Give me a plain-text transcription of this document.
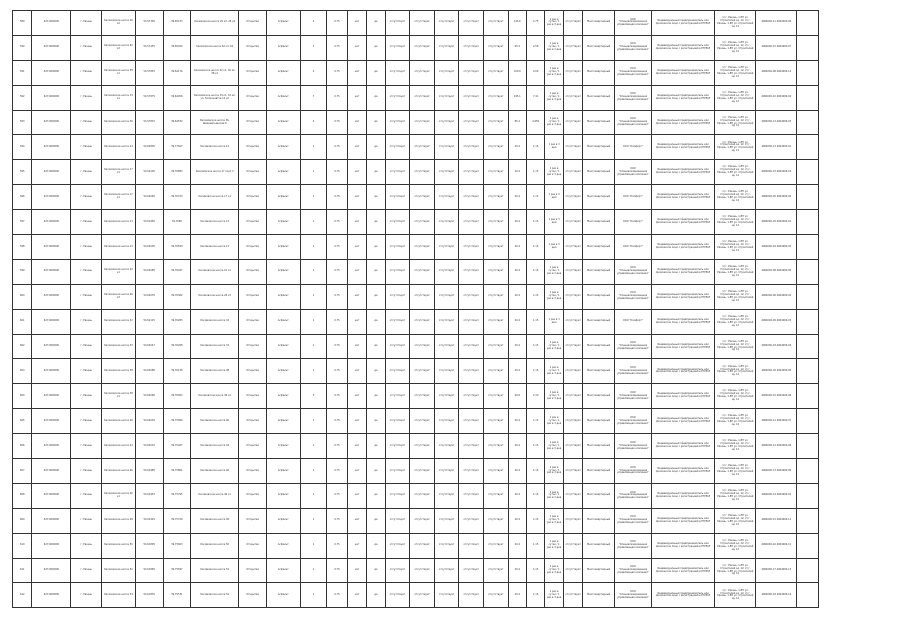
589	6271000000	г. Рязань	Касимовское шоссе 26 к2	54.57395	39.65133	Касимовское шоссе 26 к2, 26 к4	Открытая	Асфальт	4	0.75	нет	да	отсутствует	отсутствует	отсутствует	отсутствует	отсутствует	145.6	4.75	1 раз в сутки / 1 раз в 3 дня	отсутствует	Многоквартирный	ООО "Специализированная управляющая компания"	Индивидуальный предприниматель или физическое лицо с регистрацией в ЕГРЮЛ	1) г. Рязань, 1-ЕН ул. Строителей зд. 12; 2) г. Рязань, 1-ЕН ул. Строителей зд. 12	4064000-11 4064000-06	
590	6271000000	г. Рязань	Касимовское шоссе 62 к2	54.57455	39.65044	Касимовское шоссе 62 к3, 62	Открытая	Асфальт	3	0.75	нет	да	отсутствует	отсутствует	отсутствует	отсутствует	отсутствует	65.4	2.58	1 раз в сутки / 1 раз в 3 дня	отсутствует	Многоквартирный	ООО "Специализированная управляющая компания"	Индивидуальный предприниматель или физическое лицо с регистрацией в ЕГРЮЛ	1) г. Рязань, 1-ЕН ул. Строителей зд. 12; 2) г. Рязань, 1-ЕН ул. Строителей зд. 12	4064000-15 4064000-07	
591	6271000000	г. Рязань	Касимовское шоссе 38 к1	54.57853	39.64176	Касимовское шоссе 32 к1, 36 к1, 38 к1	Открытая	Асфальт	4	0.75	нет	да	отсутствует	отсутствует	отсутствует	отсутствует	отсутствует	100.8	4.09	1 раз в сутки / 1 раз в 3 дня	отсутствует	Многоквартирный	ООО "Специализированная управляющая компания"	Индивидуальный предприниматель или физическое лицо с регистрацией в ЕГРЮЛ	1) г. Рязань, 1-ЕН ул. Строителей зд. 12; 2) г. Рязань, 1-ЕН ул. Строителей зд. 12	4064000-08 4064000-12	
592	6271000000	г. Рязань	Касимовское шоссе 34 к1	54.57875	39.64456	Касимовское шоссе 34 к1, 34 к2, ул. Космонавтов 14 к2	Открытая	Асфальт	7	0.75	нет	да	отсутствует	отсутствует	отсутствует	отсутствует	отсутствует	245.1	7.41	1 раз в сутки / 1 раз в 3 дня	отсутствует	Многоквартирный	ООО "Специализированная управляющая компания"	Индивидуальный предприниматель или физическое лицо с регистрацией в ЕГРЮЛ	1) г. Рязань, 1-ЕН ул. Строителей зд. 12; 2) г. Рязань, 1-ЕН ул. Строителей зд. 12	4064000-10 4064000-04	
593	6271000000	г. Рязань	Касимовское шоссе 36	54.57815	39.64534	Касимовское шоссе 36, Шереметьевская 8	Открытая	Асфальт	4	0.75	нет	да	отсутствует	отсутствует	отсутствует	отсутствует	отсутствует	85.4	4.950	1 раз в сутки / 1 раз в 3 дня	отсутствует	Многоквартирный	ООО "Специализированная управляющая компания"	Индивидуальный предприниматель или физическое лицо с регистрацией в ЕГРЮЛ	1) г. Рязань, 1-ЕН ул. Строителей зд. 12; 2) г. Рязань, 1-ЕН ул. Строителей зд. 12	4064000-13 4064000-03	
594	6271000000	г. Рязань	Касимовское шоссе 14	54.62805	39.77817	Касимовское шоссе 14	Открытая	Асфальт	1	0.75	нет	да	отсутствует	отсутствует	отсутствует	отсутствует	отсутствует	20.4	1.15	1 раз в 3 дня	отсутствует	Многоквартирный	ООО "Комфорт"	Индивидуальный предприниматель или физическое лицо с регистрацией в ЕГРЮЛ	1) г. Рязань, 1-ЕН ул. Строителей зд. 12; 2) г. Рязань, 1-ЕН ул. Строителей зд. 12	4064000-13 4064000-01	
595	6271000000	г. Рязань	Касимовское шоссе 17 к1	54.62205	39.76683	Касимовское шоссе 17 корп 3	Открытая	Асфальт	1	0.75	нет	да	отсутствует	отсутствует	отсутствует	отсутствует	отсутствует	20.4	1.15	1 раз в сутки / 1 раз в 3 дня	отсутствует	Многоквартирный	ООО "Специализированная управляющая компания"	Индивидуальный предприниматель или физическое лицо с регистрацией в ЕГРЮЛ	1) г. Рязань, 1-ЕН ул. Строителей зд. 12; 2) г. Рязань, 1-ЕН ул. Строителей зд. 12	4064000-07 4064000-03	
596	6271000000	г. Рязань	Касимовское шоссе 17 к1	54.62065	39.76723	Касимовское шоссе 17 к1	Открытая	Асфальт	1	0.75	нет	да	отсутствует	отсутствует	отсутствует	отсутствует	отсутствует	20.4	1.15	1 раз в 3 дня	отсутствует	Многоквартирный	ООО "Комфорт"	Индивидуальный предприниматель или физическое лицо с регистрацией в ЕГРЮЛ	1) г. Рязань, 1-ЕН ул. Строителей зд. 12; 2) г. Рязань, 1-ЕН ул. Строителей зд. 12	4064000-05 4064000-04	
597	6271000000	г. Рязань	Касимовское шоссе 13	54.61965	39.7658	Касимовское шоссе 13	Открытая	Асфальт	1	0.75	нет	да	отсутствует	отсутствует	отсутствует	отсутствует	отсутствует	20.4	1.15	1 раз в 3 дня	отсутствует	Многоквартирный	ООО "Комфорт"	Индивидуальный предприниматель или физическое лицо с регистрацией в ЕГРЮЛ	1) г. Рязань, 1-ЕН ул. Строителей зд. 12; 2) г. Рязань, 1-ЕН ул. Строителей зд. 12	4064000-05 4064000-01	
598	6271000000	г. Рязань	Касимовское шоссе 13	54.62005	39.76593	Касимовское шоссе 13	Открытая	Асфальт	1	0.75	нет	да	отсутствует	отсутствует	отсутствует	отсутствует	отсутствует	20.4	1.15	1 раз в 3 дня	отсутствует	Многоквартирный	ООО "Комфорт"	Индивидуальный предприниматель или физическое лицо с регистрацией в ЕГРЮЛ	1) г. Рязань, 1-ЕН ул. Строителей зд. 12; 2) г. Рязань, 1-ЕН ул. Строителей зд. 12	4064000-04 4064000-03	
599	6271000000	г. Рязань	Касимовское шоссе 10 к1	54.62085	39.76447	Касимовское шоссе 10 к1	Открытая	Асфальт	1	0.75	нет	да	отсутствует	отсутствует	отсутствует	отсутствует	отсутствует	20.4	1.15	1 раз в сутки / 1 раз в 3 дня	отсутствует	Многоквартирный	ООО "Специализированная управляющая компания"	Индивидуальный предприниматель или физическое лицо с регистрацией в ЕГРЮЛ	1) г. Рязань, 1-ЕН ул. Строителей зд. 12; 2) г. Рязань, 1-ЕН ул. Строителей зд. 12	4064000-08 4064000-05	
600	6271000000	г. Рязань	Касимовское шоссе 26 к3	54.62035	39.76362	Касимовское шоссе 26 к3	Открытая	Асфальт	1	0.75	нет	да	отсутствует	отсутствует	отсутствует	отсутствует	отсутствует	20.4	1.15	1 раз в сутки / 1 раз в 3 дня	отсутствует	Многоквартирный	ООО "Специализированная управляющая компания"	Индивидуальный предприниматель или физическое лицо с регистрацией в ЕГРЮЛ	1) г. Рязань, 1-ЕН ул. Строителей зд. 12; 2) г. Рязань, 1-ЕН ул. Строителей зд. 12	4064000-06 4064000-02	
601	6271000000	г. Рязань	Касимовское шоссе 32	54.62115	39.76283	Касимовское шоссе 32	Открытая	Асфальт	1	0.75	нет	да	отсутствует	отсутствует	отсутствует	отсутствует	отсутствует	20.4	1.15	1 раз в 3 дня	отсутствует	Многоквартирный	ООО "Комфорт"	Индивидуальный предприниматель или физическое лицо с регистрацией в ЕГРЮЛ	1) г. Рязань, 1-ЕН ул. Строителей зд. 12; 2) г. Рязань, 1-ЕН ул. Строителей зд. 12	4064000-09 4064000-03	
602	6271000000	г. Рязань	Касимовское шоссе 33	54.62047	39.76208	Касимовское шоссе 33	Открытая	Асфальт	1	0.75	нет	да	отсутствует	отсутствует	отсутствует	отсутствует	отсутствует	20.4	1.15	1 раз в сутки / 1 раз в 3 дня	отсутствует	Многоквартирный	ООО "Специализированная управляющая компания"	Индивидуальный предприниматель или физическое лицо с регистрацией в ЕГРЮЛ	1) г. Рязань, 1-ЕН ул. Строителей зд. 12; 2) г. Рязань, 1-ЕН ул. Строителей зд. 12	4064000-03 4064000-04	
603	6271000000	г. Рязань	Касимовское шоссе 38	54.62086	39.76136	Касимовское шоссе 38	Открытая	Асфальт	1	0.75	нет	да	отсутствует	отсутствует	отсутствует	отсутствует	отсутствует	20.4	1.15	1 раз в сутки / 1 раз в 3 дня	отсутствует	Многоквартирный	ООО "Специализированная управляющая компания"	Индивидуальный предприниматель или физическое лицо с регистрацией в ЕГРЮЛ	1) г. Рязань, 1-ЕН ул. Строителей зд. 12; 2) г. Рязань, 1-ЕН ул. Строителей зд. 12	4064000-02 4064000-05	
604	6271000000	г. Рязань	Касимовское шоссе 38 к1	54.62066	39.76063	Касимовское шоссе 38 к1	Открытая	Асфальт	3	0.75	нет	да	отсутствует	отсутствует	отсутствует	отсутствует	отсутствует	40.8	2.30	1 раз в сутки / 1 раз в 3 дня	отсутствует	Многоквартирный	ООО "Специализированная управляющая компания"	Индивидуальный предприниматель или физическое лицо с регистрацией в ЕГРЮЛ	1) г. Рязань, 1-ЕН ул. Строителей зд. 12; 2) г. Рязань, 1-ЕН ул. Строителей зд. 12	4064000-10 4064000-06	
605	6271000000	г. Рязань	Касимовское шоссе 40	54.62039	39.75994	Касимовское шоссе 40	Открытая	Асфальт	1	0.75	нет	да	отсутствует	отсутствует	отсутствует	отсутствует	отсутствует	20.4	1.15	1 раз в сутки / 1 раз в 3 дня	отсутствует	Многоквартирный	ООО "Специализированная управляющая компания"	Индивидуальный предприниматель или физическое лицо с регистрацией в ЕГРЮЛ	1) г. Рязань, 1-ЕН ул. Строителей зд. 12; 2) г. Рязань, 1-ЕН ул. Строителей зд. 12	4064000-11 4064000-07	
606	6271000000	г. Рязань	Касимовское шоссе 44	54.62010	39.75927	Касимовское шоссе 44	Открытая	Асфальт	1	0.75	нет	да	отсутствует	отсутствует	отсутствует	отсутствует	отсутствует	20.4	1.15	1 раз в сутки / 1 раз в 3 дня	отсутствует	Многоквартирный	ООО "Специализированная управляющая компания"	Индивидуальный предприниматель или физическое лицо с регистрацией в ЕГРЮЛ	1) г. Рязань, 1-ЕН ул. Строителей зд. 12; 2) г. Рязань, 1-ЕН ул. Строителей зд. 12	4064000-12 4064000-08	
607	6271000000	г. Рязань	Касимовское шоссе 46	54.61985	39.75861	Касимовское шоссе 46	Открытая	Асфальт	1	0.75	нет	да	отсутствует	отсутствует	отсутствует	отсутствует	отсутствует	20.4	1.15	1 раз в сутки / 1 раз в 3 дня	отсутствует	Многоквартирный	ООО "Специализированная управляющая компания"	Индивидуальный предприниматель или физическое лицо с регистрацией в ЕГРЮЛ	1) г. Рязань, 1-ЕН ул. Строителей зд. 12; 2) г. Рязань, 1-ЕН ул. Строителей зд. 12	4064000-13 4064000-09	
608	6271000000	г. Рязань	Касимовское шоссе 46 к1	54.61953	39.75795	Касимовское шоссе 46 к1	Открытая	Асфальт	1	0.75	нет	да	отсутствует	отсутствует	отсутствует	отсутствует	отсутствует	20.4	1.15	1 раз в сутки / 1 раз в 3 дня	отсутствует	Многоквартирный	ООО "Специализированная управляющая компания"	Индивидуальный предприниматель или физическое лицо с регистрацией в ЕГРЮЛ	1) г. Рязань, 1-ЕН ул. Строителей зд. 12; 2) г. Рязань, 1-ЕН ул. Строителей зд. 12	4064000-14 4064000-10	
609	6271000000	г. Рязань	Касимовское шоссе 48	54.61925	39.75729	Касимовское шоссе 48	Открытая	Асфальт	1	0.75	нет	да	отсутствует	отсутствует	отсутствует	отсутствует	отсутствует	20.4	1.15	1 раз в сутки / 1 раз в 3 дня	отсутствует	Многоквартирный	ООО "Специализированная управляющая компания"	Индивидуальный предприниматель или физическое лицо с регистрацией в ЕГРЮЛ	1) г. Рязань, 1-ЕН ул. Строителей зд. 12; 2) г. Рязань, 1-ЕН ул. Строителей зд. 12	4064000-15 4064000-11	
610	6271000000	г. Рязань	Касимовское шоссе 50	54.61895	39.75663	Касимовское шоссе 50	Открытая	Асфальт	1	0.75	нет	да	отсутствует	отсутствует	отсутствует	отсутствует	отсутствует	20.4	1.15	1 раз в сутки / 1 раз в 3 дня	отсутствует	Многоквартирный	ООО "Специализированная управляющая компания"	Индивидуальный предприниматель или физическое лицо с регистрацией в ЕГРЮЛ	1) г. Рязань, 1-ЕН ул. Строителей зд. 12; 2) г. Рязань, 1-ЕН ул. Строителей зд. 12	4064000-16 4064000-12	
611	6271000000	г. Рязань	Касимовское шоссе 52	54.61865	39.75597	Касимовское шоссе 52	Открытая	Асфальт	1	0.75	нет	да	отсутствует	отсутствует	отсутствует	отсутствует	отсутствует	20.4	1.15	1 раз в сутки / 1 раз в 3 дня	отсутствует	Многоквартирный	ООО "Специализированная управляющая компания"	Индивидуальный предприниматель или физическое лицо с регистрацией в ЕГРЮЛ	1) г. Рязань, 1-ЕН ул. Строителей зд. 12; 2) г. Рязань, 1-ЕН ул. Строителей зд. 12	4064000-17 4064000-13	
612	6271000000	г. Рязань	Касимовское шоссе 54	54.61835	39.75531	Касимовское шоссе 54	Открытая	Асфальт	1	0.75	нет	да	отсутствует	отсутствует	отсутствует	отсутствует	отсутствует	20.4	1.15	1 раз в сутки / 1 раз в 3 дня	отсутствует	Многоквартирный	ООО "Специализированная управляющая компания"	Индивидуальный предприниматель или физическое лицо с регистрацией в ЕГРЮЛ	1) г. Рязань, 1-ЕН ул. Строителей зд. 12; 2) г. Рязань, 1-ЕН ул. Строителей зд. 12	4064000-18 4064000-14	
